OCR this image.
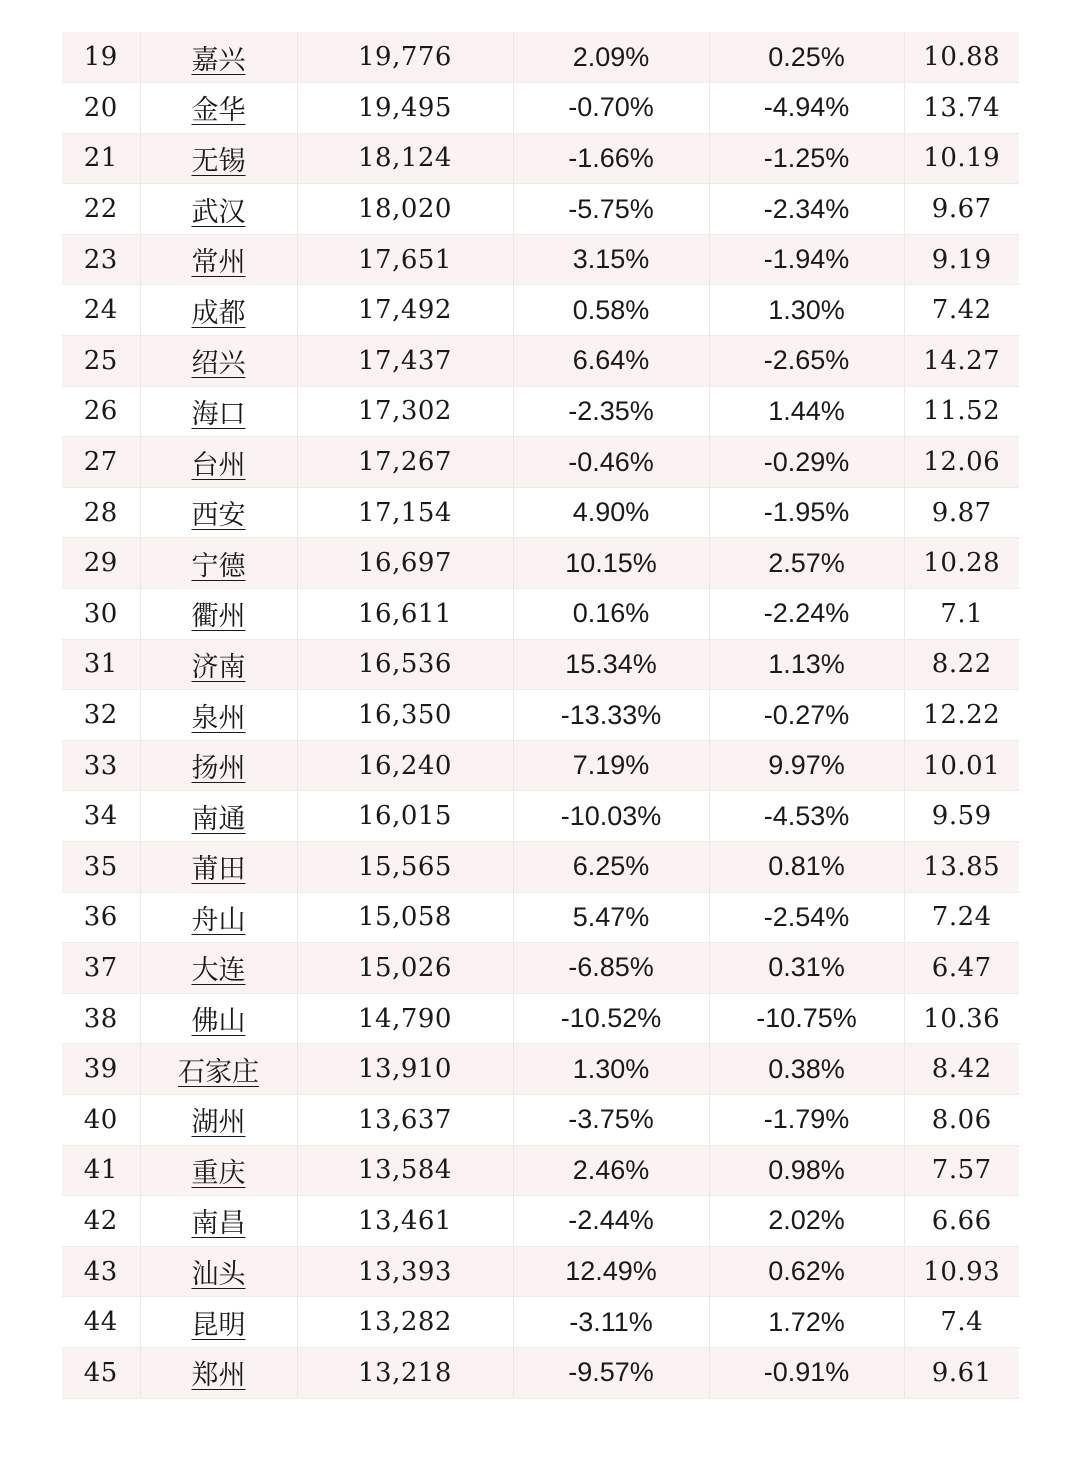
19	嘉兴	19,776	2.09%	0.25%	10.88
20	金华	19,495	-0.70%	-4.94%	13.74
21	无锡	18,124	-1.66%	-1.25%	10.19
22	武汉	18,020	-5.75%	-2.34%	9.67
23	常州	17,651	3.15%	-1.94%	9.19
24	成都	17,492	0.58%	1.30%	7.42
25	绍兴	17,437	6.64%	-2.65%	14.27
26	海口	17,302	-2.35%	1.44%	11.52
27	台州	17,267	-0.46%	-0.29%	12.06
28	西安	17,154	4.90%	-1.95%	9.87
29	宁德	16,697	10.15%	2.57%	10.28
30	衢州	16,611	0.16%	-2.24%	7.1
31	济南	16,536	15.34%	1.13%	8.22
32	泉州	16,350	-13.33%	-0.27%	12.22
33	扬州	16,240	7.19%	9.97%	10.01
34	南通	16,015	-10.03%	-4.53%	9.59
35	莆田	15,565	6.25%	0.81%	13.85
36	舟山	15,058	5.47%	-2.54%	7.24
37	大连	15,026	-6.85%	0.31%	6.47
38	佛山	14,790	-10.52%	-10.75%	10.36
39	石家庄	13,910	1.30%	0.38%	8.42
40	湖州	13,637	-3.75%	-1.79%	8.06
41	重庆	13,584	2.46%	0.98%	7.57
42	南昌	13,461	-2.44%	2.02%	6.66
43	汕头	13,393	12.49%	0.62%	10.93
44	昆明	13,282	-3.11%	1.72%	7.4
45	郑州	13,218	-9.57%	-0.91%	9.61
